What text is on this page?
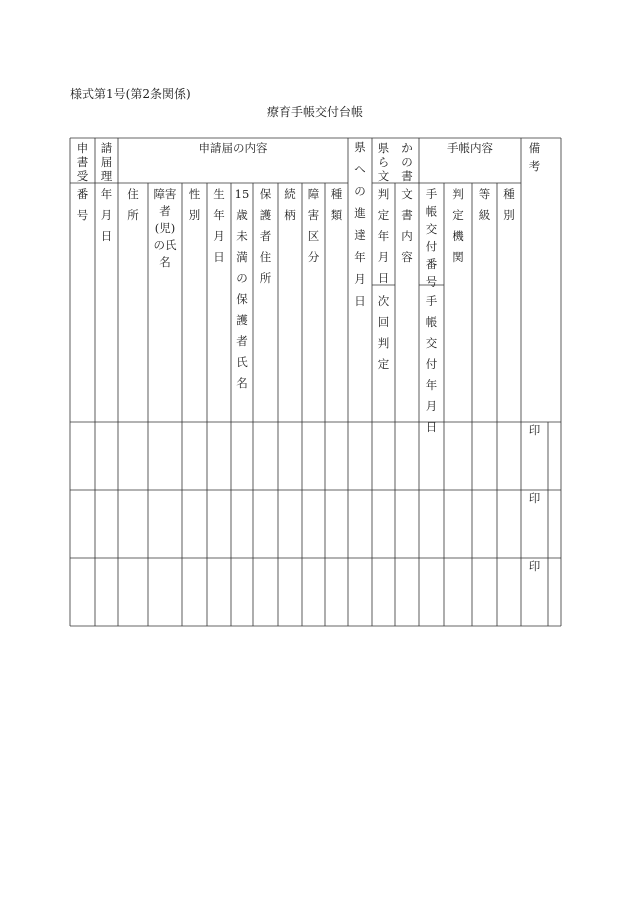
様式第1号(第2条関係)
療育手帳交付台帳
申 請
書 届
受 理
申請届の内容	県
へ
の
進
達
年
月
日
県 か
ら の
文 書
手帳内容	備
考
番
号
年
月
日
住
所
障害
者
(児)
の氏
名
性
別
生
年
月
日
15
歳
未
満
の
保
護
者
氏
名
保
護
者
住
所
続
柄
障
害
区
分
種
類
判
定
年
月
日
次
回
判
定
文
書
内
容
手
帳
交
付
番
号
手
帳
交
付
年
月
日
判
定
機
関
等
級
種
別
印
印
印
